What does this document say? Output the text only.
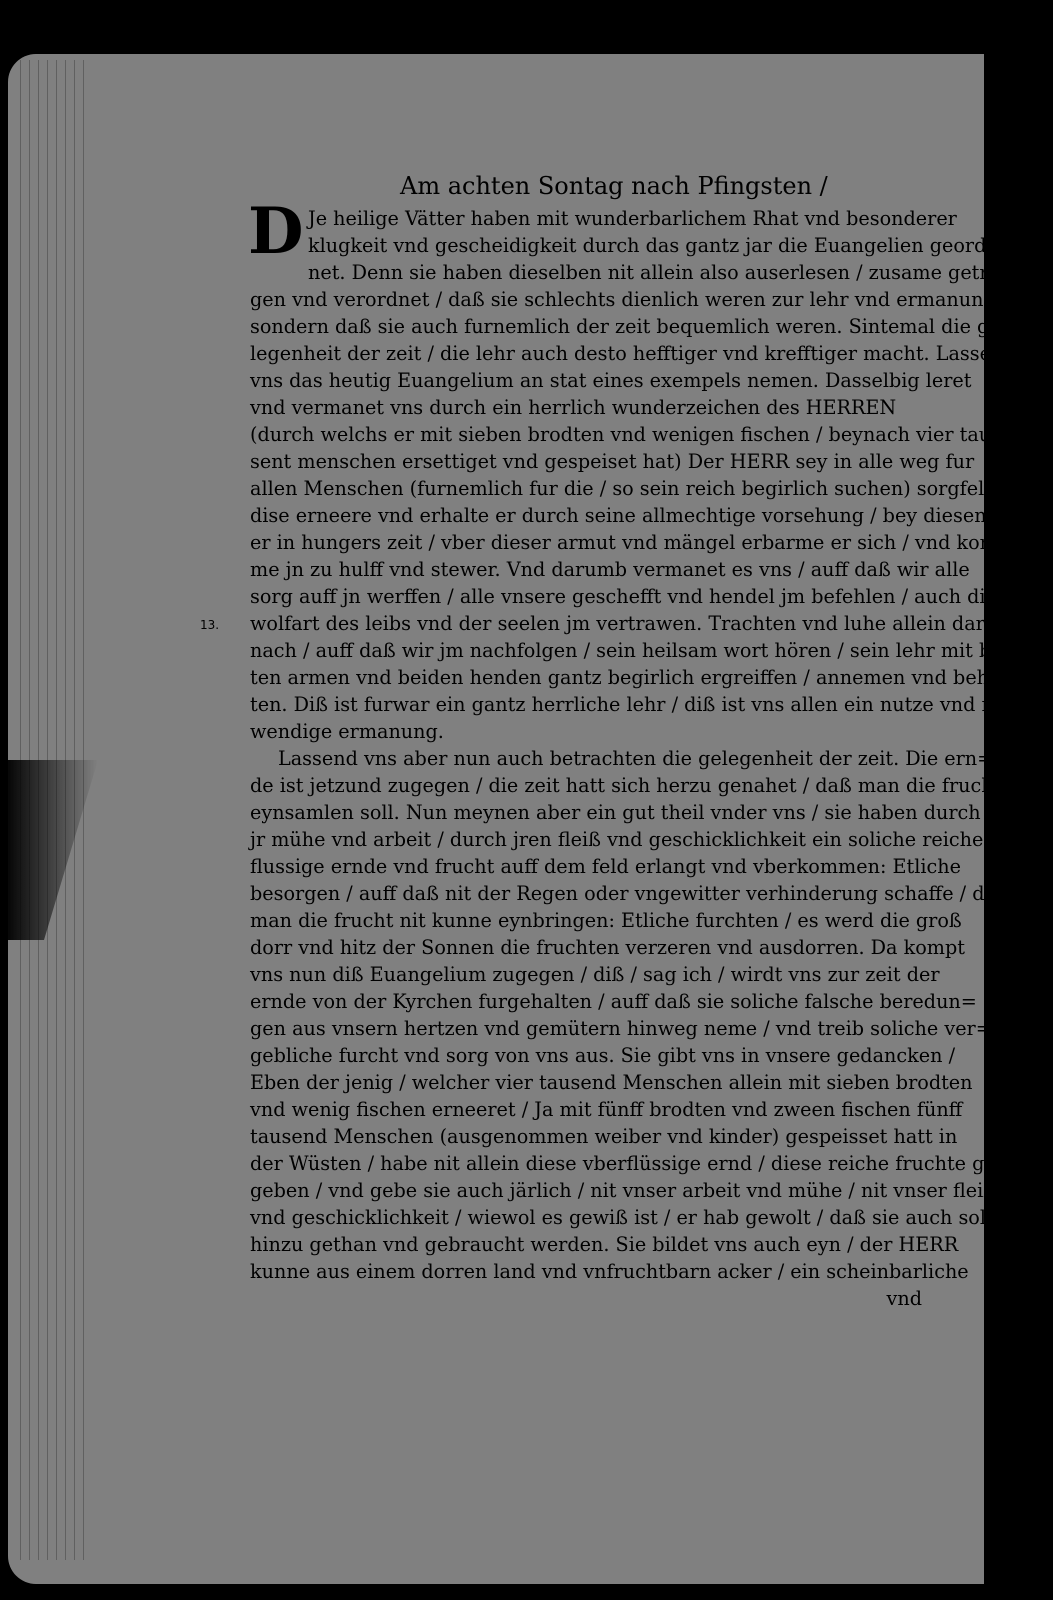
Am achten Sontag nach Pfingsten /
D
13.
Je heilige Vätter haben mit wunderbarlichem Rhat vnd besonderer
klugkeit vnd gescheidigkeit durch das gantz jar die Euangelien geord=
net. Denn sie haben dieselben nit allein also auserlesen / zusame getra=
gen vnd verordnet / daß sie schlechts dienlich weren zur lehr vnd ermanung /
sondern daß sie auch furnemlich der zeit bequemlich weren. Sintemal die ge=
legenheit der zeit / die lehr auch desto hefftiger vnd krefftiger macht. Lassend
vns das heutig Euangelium an stat eines exempels nemen. Dasselbig leret
vnd vermanet vns durch ein herrlich wunderzeichen des HERREN
(durch welchs er mit sieben brodten vnd wenigen fischen / beynach vier tau=
sent menschen ersettiget vnd gespeiset hat) Der HERR sey in alle weg fur
allen Menschen (furnemlich fur die / so sein reich begirlich suchen) sorgfeltig /
dise erneere vnd erhalte er durch seine allmechtige vorsehung / bey diesen sey
er in hungers zeit / vber dieser armut vnd mängel erbarme er sich / vnd kom=
me jn zu hulff vnd stewer. Vnd darumb vermanet es vns / auff daß wir alle
sorg auff jn werffen / alle vnsere geschefft vnd hendel jm befehlen / auch die
wolfart des leibs vnd der seelen jm vertrawen. Trachten vnd luhe allein dar=
nach / auff daß wir jm nachfolgen / sein heilsam wort hören / sein lehr mit bereit=
ten armen vnd beiden henden gantz begirlich ergreiffen / annemen vnd behal=
ten. Diß ist furwar ein gantz herrliche lehr / diß ist vns allen ein nutze vnd not=
wendige ermanung.
Lassend vns aber nun auch betrachten die gelegenheit der zeit. Die ern=
de ist jetzund zugegen / die zeit hatt sich herzu genahet / daß man die frucht
eynsamlen soll. Nun meynen aber ein gut theil vnder vns / sie haben durch
jr mühe vnd arbeit / durch jren fleiß vnd geschicklichkeit ein soliche reiche vber=
flussige ernde vnd frucht auff dem feld erlangt vnd vberkommen: Etliche
besorgen / auff daß nit der Regen oder vngewitter verhinderung schaffe / daß
man die frucht nit kunne eynbringen: Etliche furchten / es werd die groß
dorr vnd hitz der Sonnen die fruchten verzeren vnd ausdorren. Da kompt
vns nun diß Euangelium zugegen / diß / sag ich / wirdt vns zur zeit der
ernde von der Kyrchen furgehalten / auff daß sie soliche falsche beredun=
gen aus vnsern hertzen vnd gemütern hinweg neme / vnd treib soliche ver=
gebliche furcht vnd sorg von vns aus. Sie gibt vns in vnsere gedancken /
Eben der jenig / welcher vier tausend Menschen allein mit sieben brodten
vnd wenig fischen erneeret / Ja mit fünff brodten vnd zween fischen fünff
tausend Menschen (ausgenommen weiber vnd kinder) gespeisset hatt in
der Wüsten / habe nit allein diese vberflüssige ernd / diese reiche fruchte ge=
geben / vnd gebe sie auch järlich / nit vnser arbeit vnd mühe / nit vnser fleiß
vnd geschicklichkeit / wiewol es gewiß ist / er hab gewolt / daß sie auch sollt
hinzu gethan vnd gebraucht werden. Sie bildet vns auch eyn / der HERR
kunne aus einem dorren land vnd vnfruchtbarn acker / ein scheinbarliche
vnd
